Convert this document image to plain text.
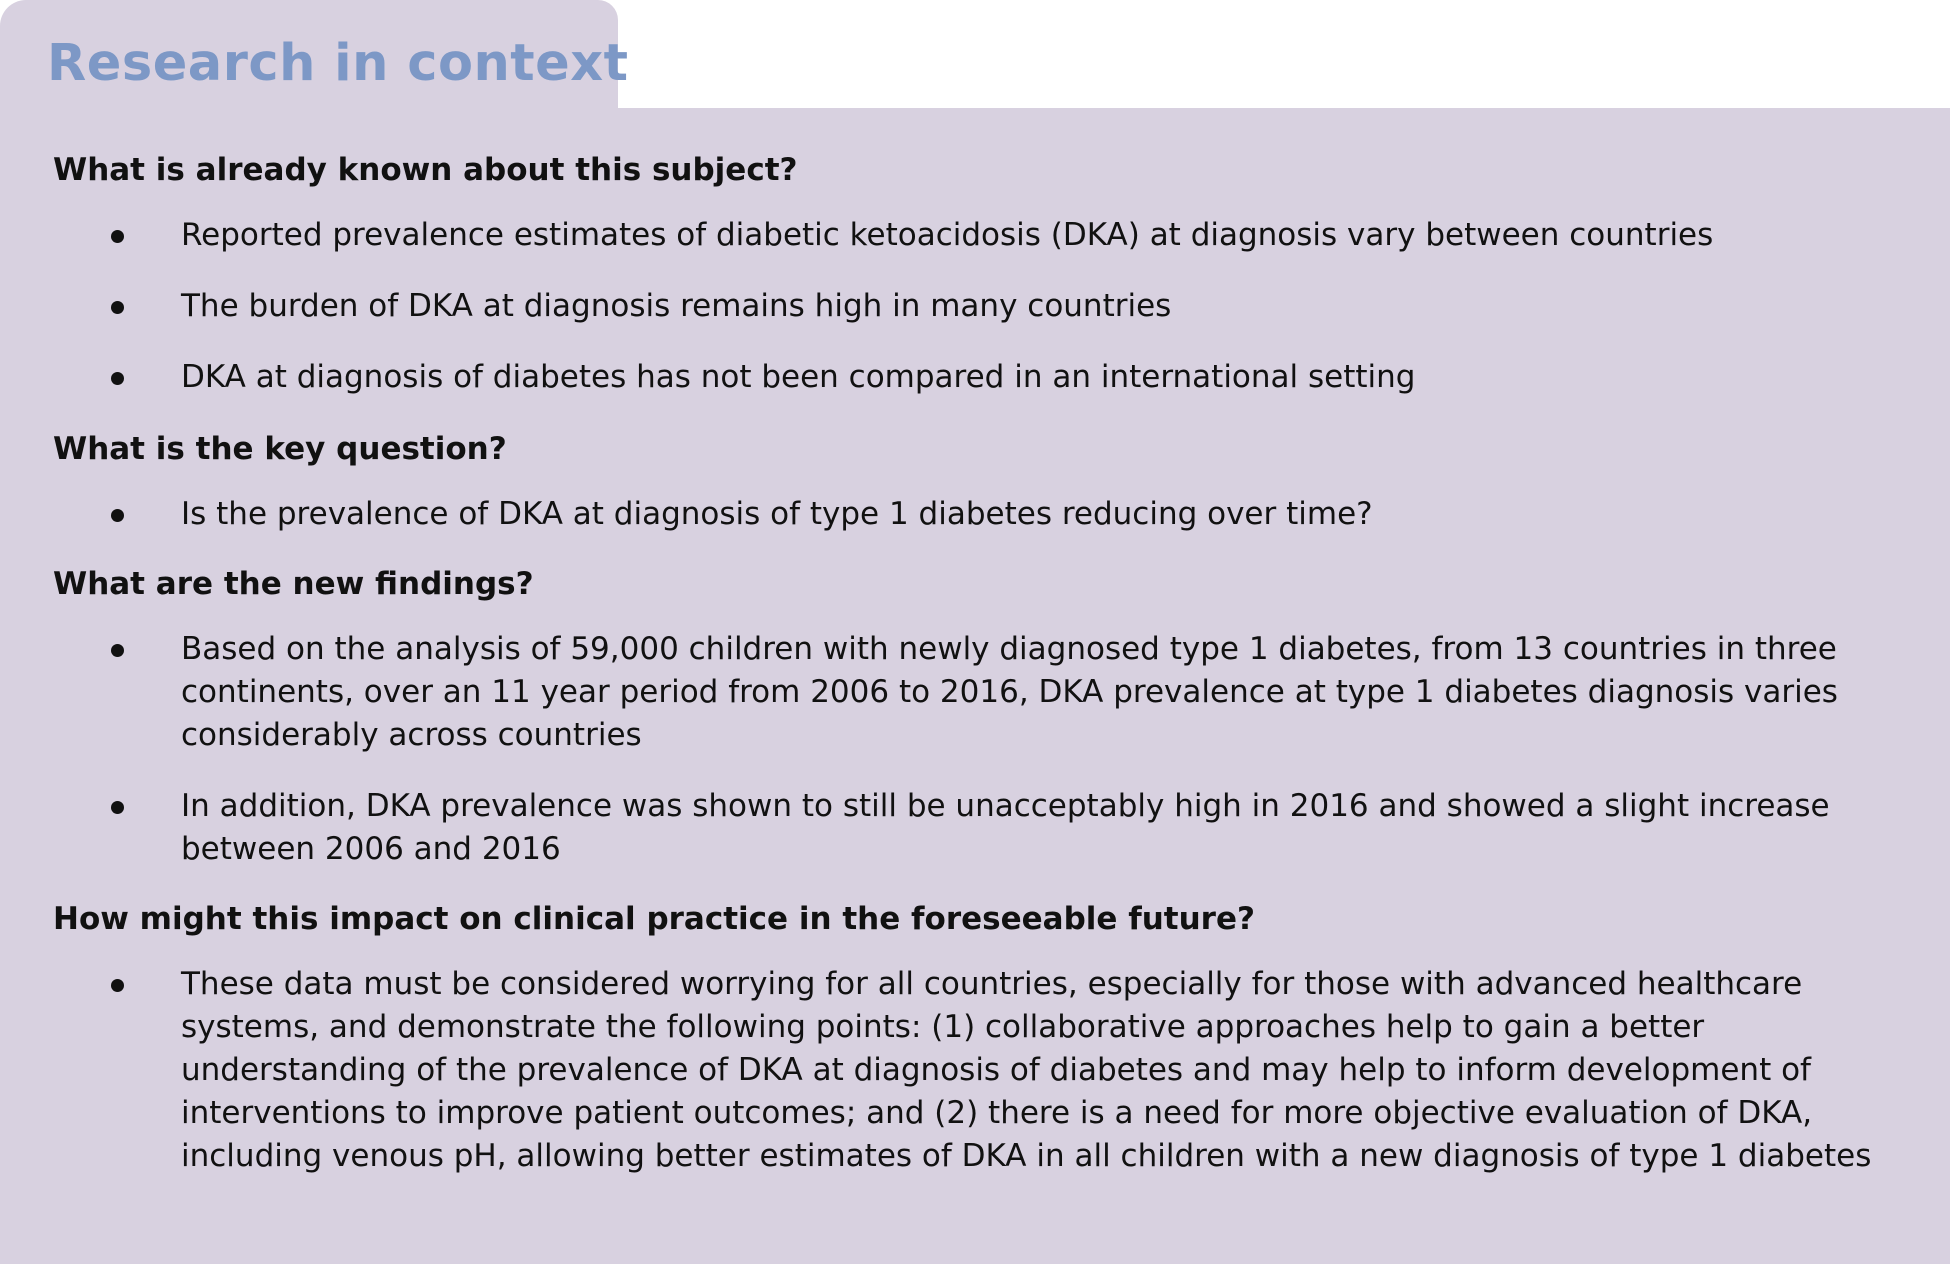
Research in context
What is already known about this subject?
Reported prevalence estimates of diabetic ketoacidosis (DKA) at diagnosis vary between countries
The burden of DKA at diagnosis remains high in many countries
DKA at diagnosis of diabetes has not been compared in an international setting
What is the key question?
Is the prevalence of DKA at diagnosis of type 1 diabetes reducing over time?
What are the new findings?
Based on the analysis of 59,000 children with newly diagnosed type 1 diabetes, from 13 countries in three continents, over an 11 year period from 2006 to 2016, DKA prevalence at type 1 diabetes diagnosis varies considerably across countries
In addition, DKA prevalence was shown to still be unacceptably high in 2016 and showed a slight increase between 2006 and 2016
How might this impact on clinical practice in the foreseeable future?
These data must be considered worrying for all countries, especially for those with advanced healthcare systems, and demonstrate the following points: (1) collaborative approaches help to gain a better understanding of the prevalence of DKA at diagnosis of diabetes and may help to inform development of interventions to improve patient outcomes; and (2) there is a need for more objective evaluation of DKA, including venous pH, allowing better estimates of DKA in all children with a new diagnosis of type 1 diabetes
